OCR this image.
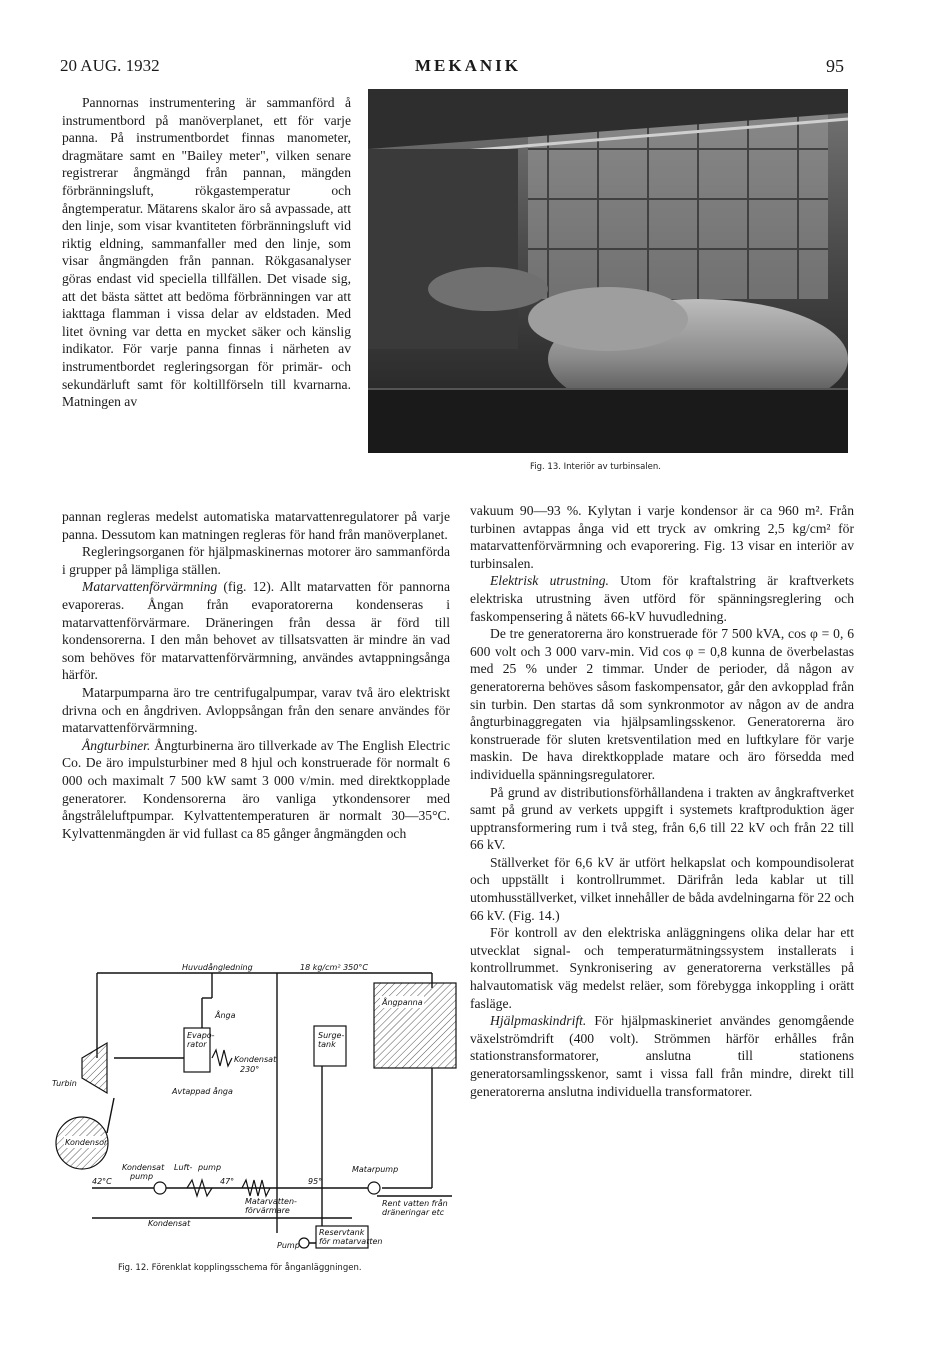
20 AUG. 1932	MEKANIK	95

Pannornas instrumentering är sammanförd å instrumentbord på manöverplanet, ett för varje panna. På instrumentbordet finnas manometer, dragmätare samt en "Bailey meter", vilken senare registrerar ångmängd från pannan, mängden förbränningsluft, rökgastemperatur och ångtemperatur. Mätarens skalor äro så avpassade, att den linje, som visar kvantiteten förbränningsluft vid riktig eldning, sammanfaller med den linje, som visar ångmängden från pannan. Rökgasanalyser göras endast vid speciella tillfällen. Det visade sig, att det bästa sättet att bedöma förbränningen var att iakttaga flamman i vissa delar av eldstaden. Med litet övning var detta en mycket säker och känslig indikator. För varje panna finnas i närheten av instrumentbordet regleringsorgan för primär- och sekundärluft samt för koltillförseln till kvarnarna. Matningen av

pannan regleras medelst automatiska matarvattenregulatorer på varje panna. Dessutom kan matningen regleras för hand från manöverplanet.

Regleringsorganen för hjälpmaskinernas motorer äro sammanförda i grupper på lämpliga ställen.

Matarvattenförvärmning (fig. 12). Allt matarvatten för pannorna evaporeras. Ångan från evaporatorerna kondenseras i matarvattenförvärmare. Dräneringen från dessa är förd till kondensorerna. I den mån behovet av tillsatsvatten är mindre än vad som behöves för matarvattenförvärmning, användes avtappningsånga härför.

Matarpumparna äro tre centrifugalpumpar, varav två äro elektriskt drivna och en ångdriven. Avloppsångan från den senare användes för matarvattenförvärmning.

Ångturbiner. Ångturbinerna äro tillverkade av The English Electric Co. De äro impulsturbiner med 8 hjul och konstruerade för normalt 6 000 och maximalt 7 500 kW samt 3 000 v/min. med direktkopplade generatorer. Kondensorerna äro vanliga ytkondensorer med ångstråleluftpumpar. Kylvattentemperaturen är normalt 30—35°C. Kylvattenmängden är vid fullast ca 85 gånger ångmängden och

Fig. 13. Interiör av turbinsalen.

vakuum 90—93 %. Kylytan i varje kondensor är ca 960 m². Från turbinen avtappas ånga vid ett tryck av omkring 2,5 kg/cm² för matarvattenförvärmning och evaporering. Fig. 13 visar en interiör av turbinsalen.

Elektrisk utrustning. Utom för kraftalstring är kraftverkets elektriska utrustning även utförd för spänningsreglering och faskompensering å nätets 66-kV huvudledning.

De tre generatorerna äro konstruerade för 7 500 kVA, cos φ = 0, 6 600 volt och 3 000 varv-min. Vid cos φ = 0,8 kunna de överbelastas med 25 % under 2 timmar. Under de perioder, då någon av generatorerna behöves såsom faskompensator, går den avkopplad från sin turbin. Den startas då som synkronmotor av någon av de andra ångturbinaggregaten via hjälpsamlingsskenor. Generatorerna äro konstruerade för sluten kretsventilation med en luftkylare för varje maskin. De hava direktkopplade matare och äro försedda med individuella spänningsregulatorer.

På grund av distributionsförhållandena i trakten av ångkraftverket samt på grund av verkets uppgift i systemets kraftproduktion äger upptransformering rum i två steg, från 6,6 till 22 kV och från 22 till 66 kV.

Ställverket för 6,6 kV är utfört helkapslat och kompoundisolerat och uppställt i kontrollrummet. Därifrån leda kablar ut till utomhusställverket, vilket innehåller de båda avdelningarna för 22 och 66 kV. (Fig. 14.)

För kontroll av den elektriska anläggningens olika delar har ett utvecklat signal- och temperaturmätningssystem installerats i kontrollrummet. Synkronisering av generatorerna verkställes på halvautomatisk väg medelst reläer, som förebygga inkoppling i orätt fasläge.

Hjälpmaskindrift. För hjälpmaskineriet användes genomgående växelströmdrift (400 volt). Strömmen härför erhålles från stationstransformatorer, anslutna till stationens generatorsamlingsskenor, samt i vissa fall från mindre, direkt till generatorerna anslutna individuella transformatorer.

Huvudångledning	18 kg/cm² 350°C
Ångpanna
Ånga
Evapo-
rator
Kondensat
230°
Avtappad ånga
Turbin
Kondensor
Surge-
tank
Kondensat
pump
Luft- pump
42°C	47°	95°
Matarpump
Matarvatten-
förvärmare
Kondensat
Rent vatten från
dräneringar etc
Reservtank
för matarvatten
Pump
Fig. 12. Förenklat kopplingsschema för ånganläggningen.
